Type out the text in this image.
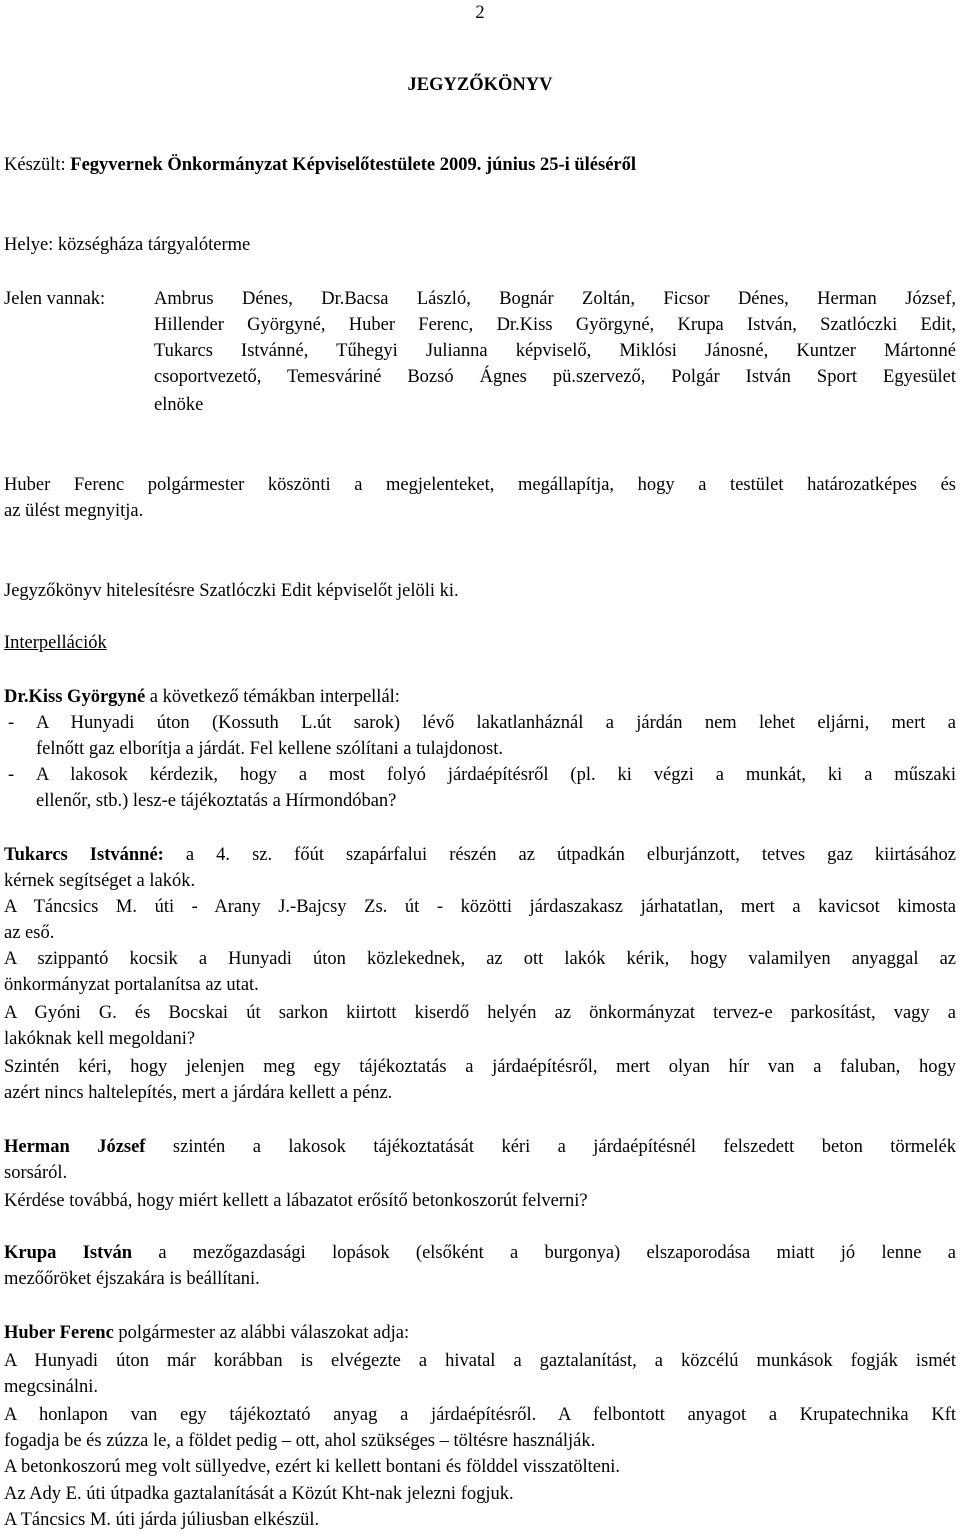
2
JEGYZŐKÖNYV
Készült: Fegyvernek Önkormányzat Képviselőtestülete 2009. június 25-i üléséről
Helye: községháza tárgyalóterme
Jelen vannak:	Ambrus Dénes, Dr.Bacsa László, Bognár Zoltán, Ficsor Dénes, Herman József,
Hillender Györgyné, Huber Ferenc, Dr.Kiss Györgyné, Krupa István, Szatlóczki Edit,
Tukarcs Istvánné, Tűhegyi Julianna képviselő, Miklósi Jánosné, Kuntzer Mártonné
csoportvezető, Temesváriné Bozsó Ágnes pü.szervező, Polgár István Sport Egyesület
elnöke
Huber Ferenc polgármester köszönti a megjelenteket, megállapítja, hogy a testület határozatképes és
az ülést megnyitja.
Jegyzőkönyv hitelesítésre Szatlóczki Edit képviselőt jelöli ki.
Interpellációk
Dr.Kiss Györgyné a következő témákban interpellál:
- A Hunyadi úton (Kossuth L.út sarok) lévő lakatlanháznál a járdán nem lehet eljárni, mert a
felnőtt gaz elborítja a járdát. Fel kellene szólítani a tulajdonost.
- A lakosok kérdezik, hogy a most folyó járdaépítésről (pl. ki végzi a munkát, ki a műszaki
ellenőr, stb.) lesz-e tájékoztatás a Hírmondóban?
Tukarcs Istvánné: a 4. sz. főút szapárfalui részén az útpadkán elburjánzott, tetves gaz kiirtásához
kérnek segítséget a lakók.
A Táncsics M. úti - Arany J.-Bajcsy Zs. út - közötti járdaszakasz járhatatlan, mert a kavicsot kimosta
az eső.
A szippantó kocsik a Hunyadi úton közlekednek, az ott lakók kérik, hogy valamilyen anyaggal az
önkormányzat portalanítsa az utat.
A Gyóni G. és Bocskai út sarkon kiirtott kiserdő helyén az önkormányzat tervez-e parkosítást, vagy a
lakóknak kell megoldani?
Szintén kéri, hogy jelenjen meg egy tájékoztatás a járdaépítésről, mert olyan hír van a faluban, hogy
azért nincs haltelepítés, mert a járdára kellett a pénz.
Herman József szintén a lakosok tájékoztatását kéri a járdaépítésnél felszedett beton törmelék
sorsáról.
Kérdése továbbá, hogy miért kellett a lábazatot erősítő betonkoszorút felverni?
Krupa István a mezőgazdasági lopások (elsőként a burgonya) elszaporodása miatt jó lenne a
mezőőröket éjszakára is beállítani.
Huber Ferenc polgármester az alábbi válaszokat adja:
A Hunyadi úton már korábban is elvégezte a hivatal a gaztalanítást, a közcélú munkások fogják ismét
megcsinálni.
A honlapon van egy tájékoztató anyag a járdaépítésről. A felbontott anyagot a Krupatechnika Kft
fogadja be és zúzza le, a földet pedig – ott, ahol szükséges – töltésre használják.
A betonkoszorú meg volt süllyedve, ezért ki kellett bontani és földdel visszatölteni.
Az Ady E. úti útpadka gaztalanítását a Közút Kht-nak jelezni fogjuk.
A Táncsics M. úti járda júliusban elkészül.
